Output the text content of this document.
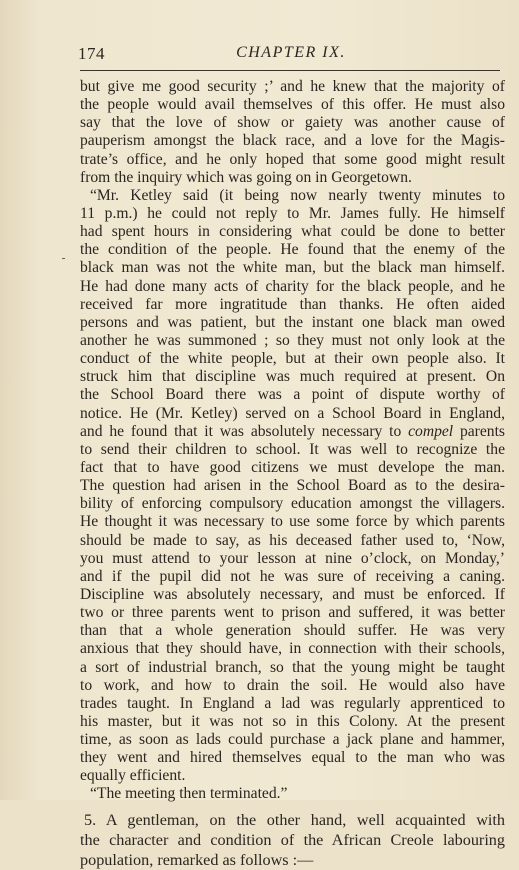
174	CHAPTER IX.
but give me good security ;’ and he knew that the majority of
the people would avail themselves of this offer. He must also
say that the love of show or gaiety was another cause of
pauperism amongst the black race, and a love for the Magis-
trate’s office, and he only hoped that some good might result
from the inquiry which was going on in Georgetown.
“Mr. Ketley said (it being now nearly twenty minutes to
11 p.m.) he could not reply to Mr. James fully. He himself
had spent hours in considering what could be done to better
the condition of the people. He found that the enemy of the
black man was not the white man, but the black man himself.
He had done many acts of charity for the black people, and he
received far more ingratitude than thanks. He often aided
persons and was patient, but the instant one black man owed
another he was summoned ; so they must not only look at the
conduct of the white people, but at their own people also. It
struck him that discipline was much required at present. On
the School Board there was a point of dispute worthy of
notice. He (Mr. Ketley) served on a School Board in England,
and he found that it was absolutely necessary to compel parents
to send their children to school. It was well to recognize the
fact that to have good citizens we must develope the man.
The question had arisen in the School Board as to the desira-
bility of enforcing compulsory education amongst the villagers.
He thought it was necessary to use some force by which parents
should be made to say, as his deceased father used to, ‘Now,
you must attend to your lesson at nine o’clock, on Monday,’
and if the pupil did not he was sure of receiving a caning.
Discipline was absolutely necessary, and must be enforced. If
two or three parents went to prison and suffered, it was better
than that a whole generation should suffer. He was very
anxious that they should have, in connection with their schools,
a sort of industrial branch, so that the young might be taught
to work, and how to drain the soil. He would also have
trades taught. In England a lad was regularly apprenticed to
his master, but it was not so in this Colony. At the present
time, as soon as lads could purchase a jack plane and hammer,
they went and hired themselves equal to the man who was
equally efficient.
“The meeting then terminated.”
5. A gentleman, on the other hand, well acquainted with
the character and condition of the African Creole labouring
population, remarked as follows :—
